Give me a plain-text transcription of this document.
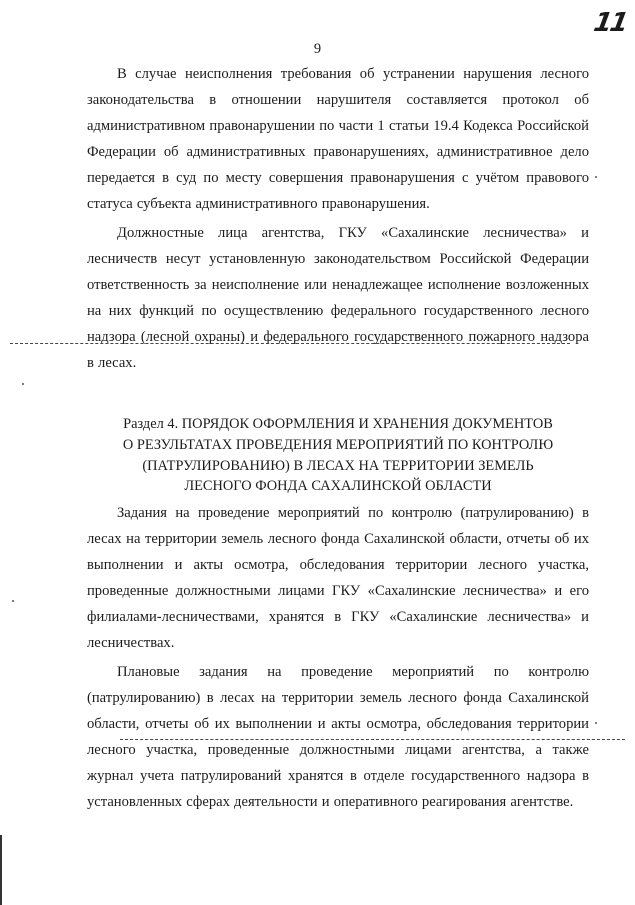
11
9

В случае неисполнения требования об устранении нарушения лесного законодательства в отношении нарушителя составляется протокол об административном правонарушении по части 1 статьи 19.4 Кодекса Российской Федерации об административных правонарушениях, административное дело передается в суд по месту совершения правонарушения с учётом правового статуса субъекта административного правонарушения.

Должностные лица агентства, ГКУ «Сахалинские лесничества» и лесничеств несут установленную законодательством Российской Федерации ответственность за неисполнение или ненадлежащее исполнение возложенных на них функций по осуществлению федерального государственного лесного надзора (лесной охраны) и федерального государственного пожарного надзора в лесах.

Раздел 4. ПОРЯДОК ОФОРМЛЕНИЯ И ХРАНЕНИЯ ДОКУМЕНТОВ
О РЕЗУЛЬТАТАХ ПРОВЕДЕНИЯ МЕРОПРИЯТИЙ ПО КОНТРОЛЮ
(ПАТРУЛИРОВАНИЮ) В ЛЕСАХ НА ТЕРРИТОРИИ ЗЕМЕЛЬ
ЛЕСНОГО ФОНДА САХАЛИНСКОЙ ОБЛАСТИ

Задания на проведение мероприятий по контролю (патрулированию) в лесах на территории земель лесного фонда Сахалинской области, отчеты об их выполнении и акты осмотра, обследования территории лесного участка, проведенные должностными лицами ГКУ «Сахалинские лесничества» и его филиалами-лесничествами, хранятся в ГКУ «Сахалинские лесничества» и лесничествах.

Плановые задания на проведение мероприятий по контролю (патрулированию) в лесах на территории земель лесного фонда Сахалинской области, отчеты об их выполнении и акты осмотра, обследования территории лесного участка, проведенные должностными лицами агентства, а также журнал учета патрулирований хранятся в отделе государственного надзора в установленных сферах деятельности и оперативного реагирования агентстве.
